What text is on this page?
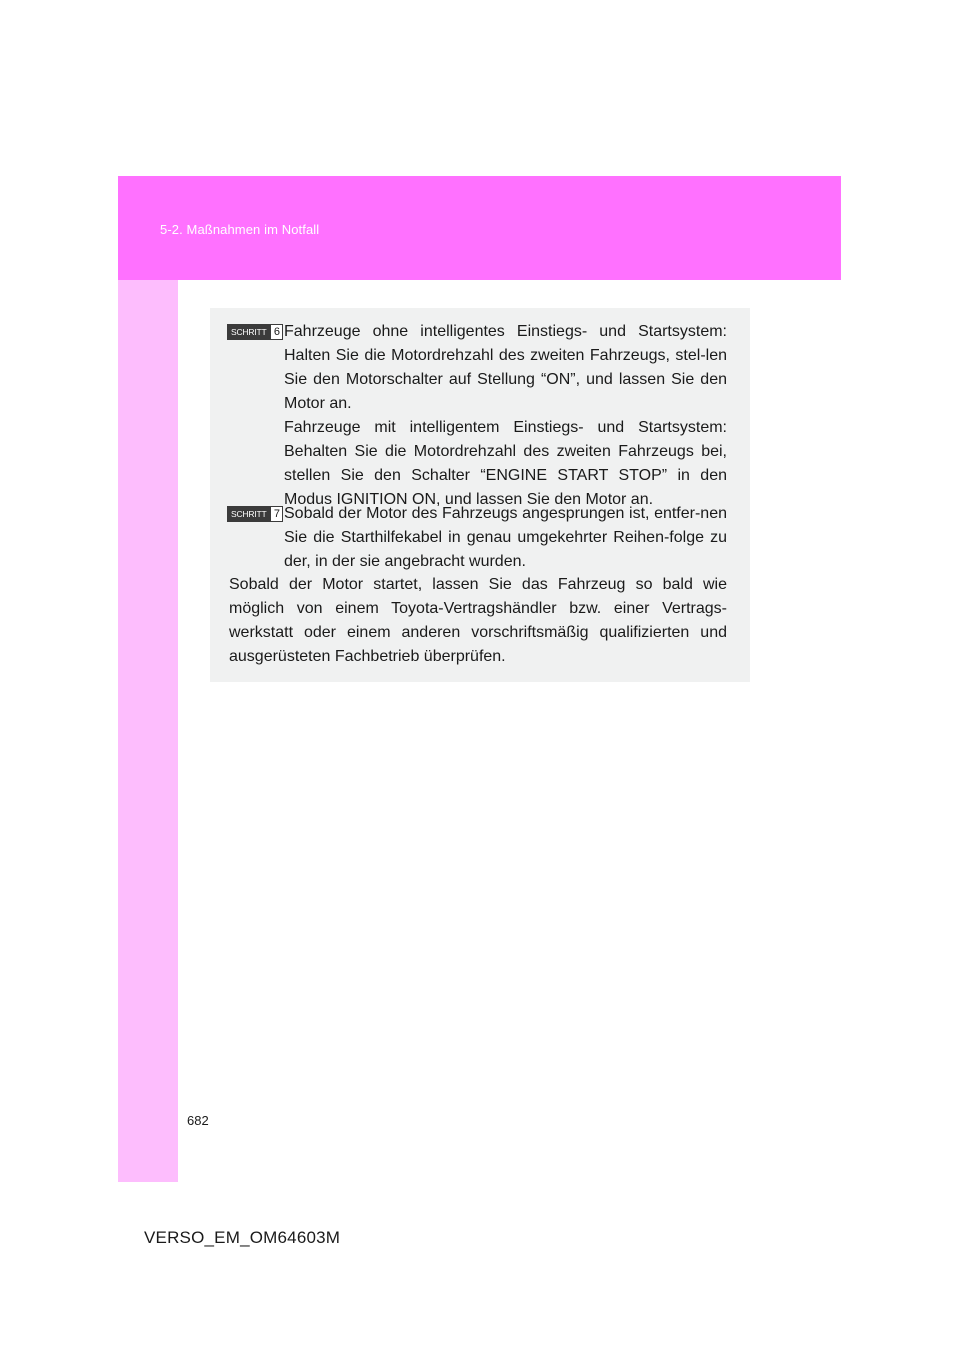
5-2. Maßnahmen im Notfall
SCHRITT 6 Fahrzeuge ohne intelligentes Einstiegs- und Startsystem: Halten Sie die Motordrehzahl des zweiten Fahrzeugs, stel-len Sie den Motorschalter auf Stellung “ON”, und lassen Sie den Motor an.

Fahrzeuge mit intelligentem Einstiegs- und Startsystem: Behalten Sie die Motordrehzahl des zweiten Fahrzeugs bei, stellen Sie den Schalter “ENGINE START STOP” in den Modus IGNITION ON, und lassen Sie den Motor an.

SCHRITT 7 Sobald der Motor des Fahrzeugs angesprungen ist, entfer-nen Sie die Starthilfekabel in genau umgekehrter Reihen-folge zu der, in der sie angebracht wurden.

Sobald der Motor startet, lassen Sie das Fahrzeug so bald wie möglich von einem Toyota-Vertragshändler bzw. einer Vertrags-werkstatt oder einem anderen vorschriftsmäßig qualifizierten und ausgerüsteten Fachbetrieb überprüfen.

682
VERSO_EM_OM64603M
